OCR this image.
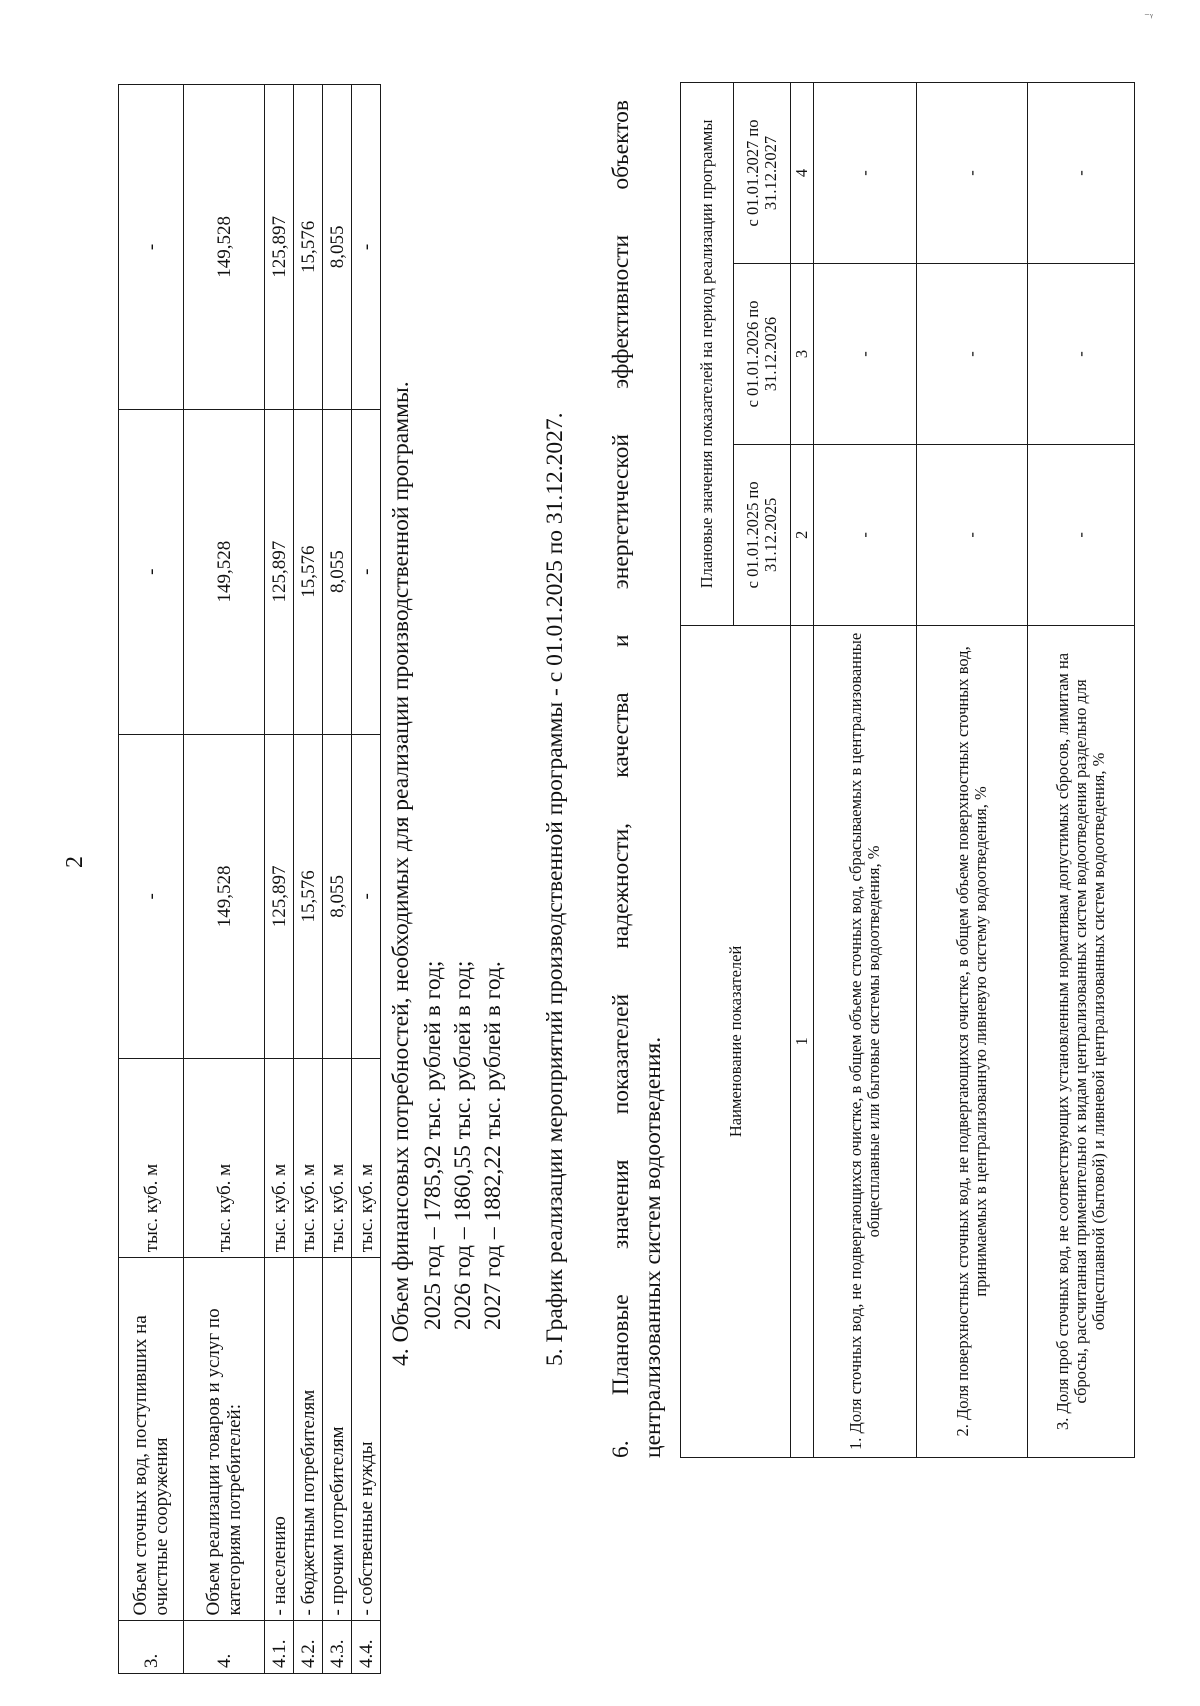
2
⁻ᵞ
3.	Объем сточных вод, поступивших на очистные сооружения	тыс. куб. м	-	-	-
4.	Объем реализации товаров и услуг по категориям потребителей:	тыс. куб. м	149,528	149,528	149,528
4.1.	- населению	тыс. куб. м	125,897	125,897	125,897
4.2.	- бюджетным потребителям	тыс. куб. м	15,576	15,576	15,576
4.3.	- прочим потребителям	тыс. куб. м	8,055	8,055	8,055
4.4.	- собственные нужды	тыс. куб. м	-	-	-
4. Объем финансовых потребностей, необходимых для реализации производственной программы. 2025 год – 1785,92 тыс. рублей в год; 2026 год – 1860,55 тыс. рублей в год; 2027 год – 1882,22 тыс. рублей в год. 5. График реализации мероприятий производственной программы - с 01.01.2025 по 31.12.2027.
6.
Плановые
значения
показателей
надежности,
качества
и
энергетической
эффективности
объектов
централизованных систем водоотведения.	Наименование показателей	Плановые значения показателей на период реализации программы		
	с 01.01.2025 по 31.12.2025	с 01.01.2026 по 31.12.2026	с 01.01.2027 по 31.12.2027
1	2	3	4
1. Доля сточных вод, не подвергающихся очистке, в общем объеме сточных вод, сбрасываемых в централизованные общесплавные или бытовые системы водоотведения, %	-	-	-
2. Доля поверхностных сточных вод, не подвергающихся очистке, в общем объеме поверхностных сточных вод, принимаемых в централизованную ливневую систему водоотведения, %	-	-	-
3. Доля проб сточных вод, не соответствующих установленным нормативам допустимых сбросов, лимитам на сбросы, рассчитанная применительно к видам централизованных систем водоотведения раздельно для общесплавной (бытовой) и ливневой централизованных систем водоотведения, %	-	-	-
